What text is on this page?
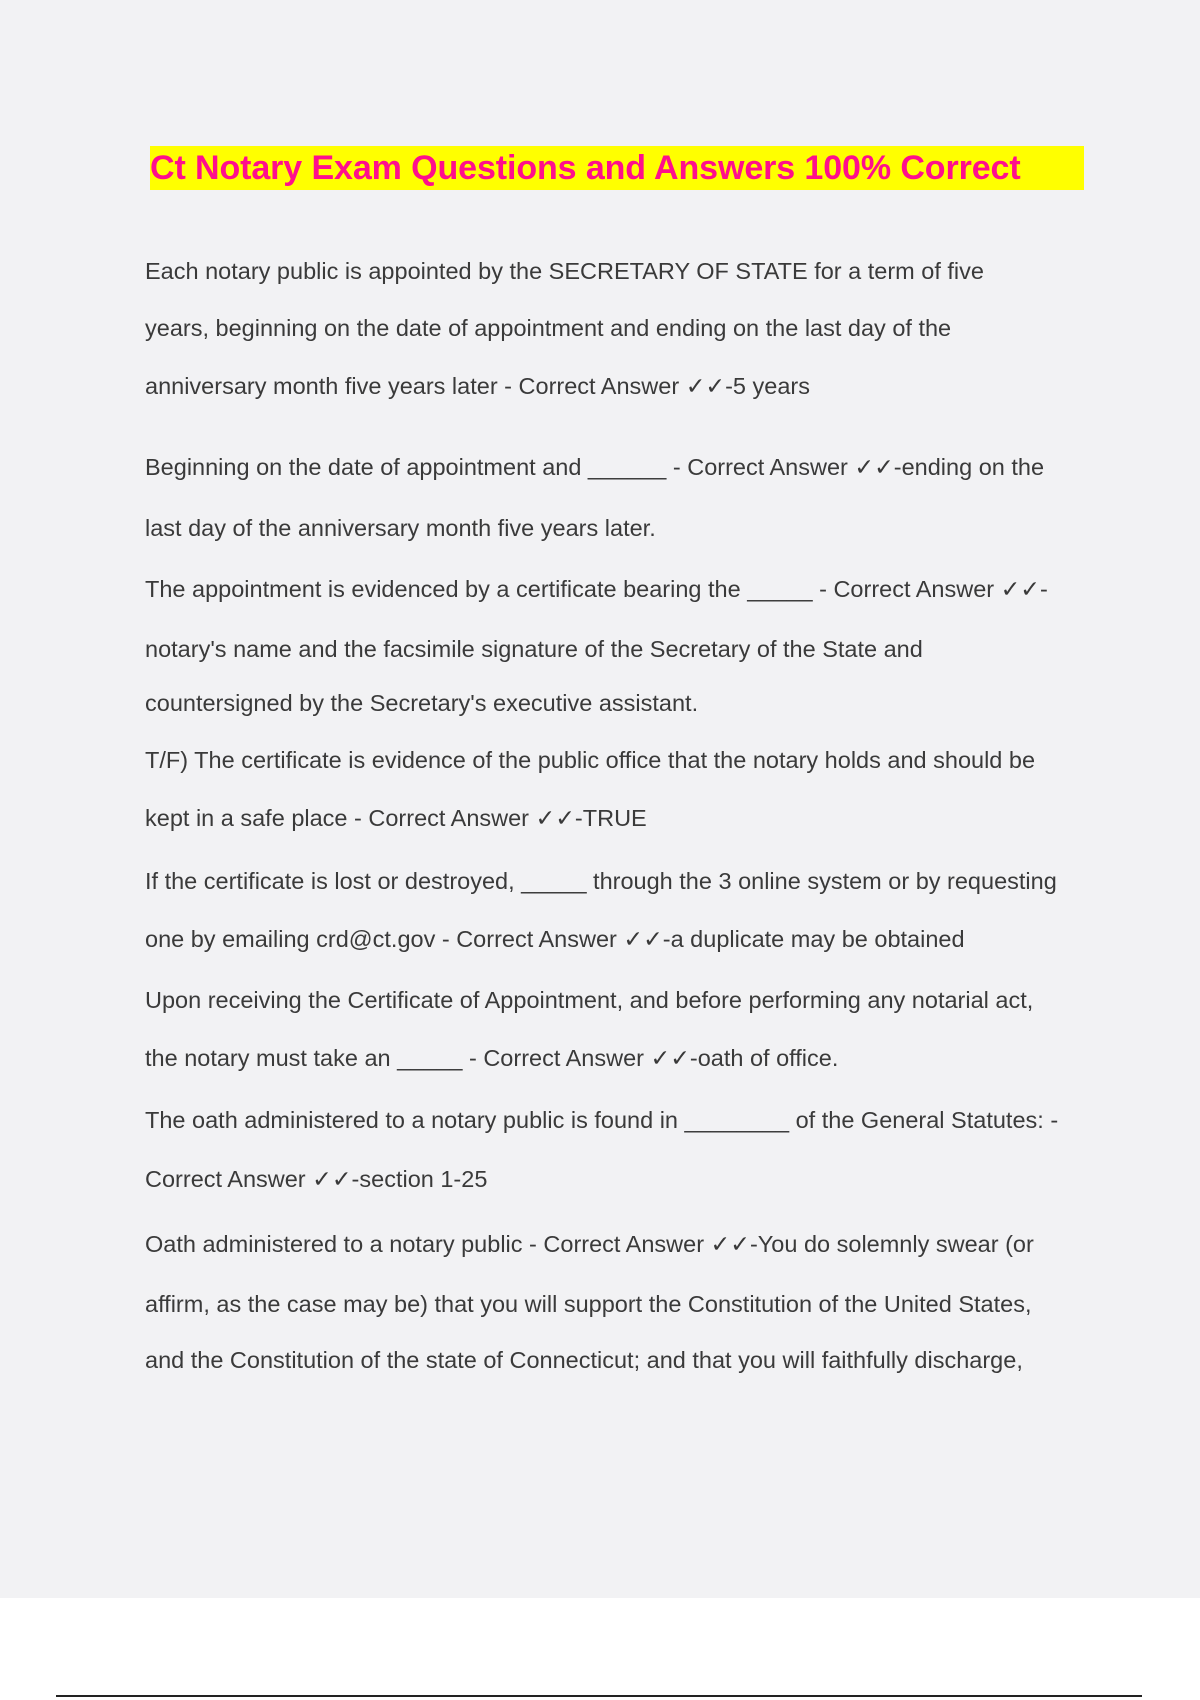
Ct Notary Exam Questions and Answers 100% Correct

Each notary public is appointed by the SECRETARY OF STATE for a term of five

years, beginning on the date of appointment and ending on the last day of the

anniversary month five years later - Correct Answer ✓✓-5 years

Beginning on the date of appointment and ______ - Correct Answer ✓✓-ending on the

last day of the anniversary month five years later.

The appointment is evidenced by a certificate bearing the _____ - Correct Answer ✓✓-

notary's name and the facsimile signature of the Secretary of the State and

countersigned by the Secretary's executive assistant.

T/F) The certificate is evidence of the public office that the notary holds and should be

kept in a safe place - Correct Answer ✓✓-TRUE

If the certificate is lost or destroyed, _____ through the 3 online system or by requesting

one by emailing crd@ct.gov - Correct Answer ✓✓-a duplicate may be obtained

Upon receiving the Certificate of Appointment, and before performing any notarial act,

the notary must take an _____ - Correct Answer ✓✓-oath of office.

The oath administered to a notary public is found in ________ of the General Statutes: -

Correct Answer ✓✓-section 1-25

Oath administered to a notary public - Correct Answer ✓✓-You do solemnly swear (or

affirm, as the case may be) that you will support the Constitution of the United States,

and the Constitution of the state of Connecticut; and that you will faithfully discharge,
